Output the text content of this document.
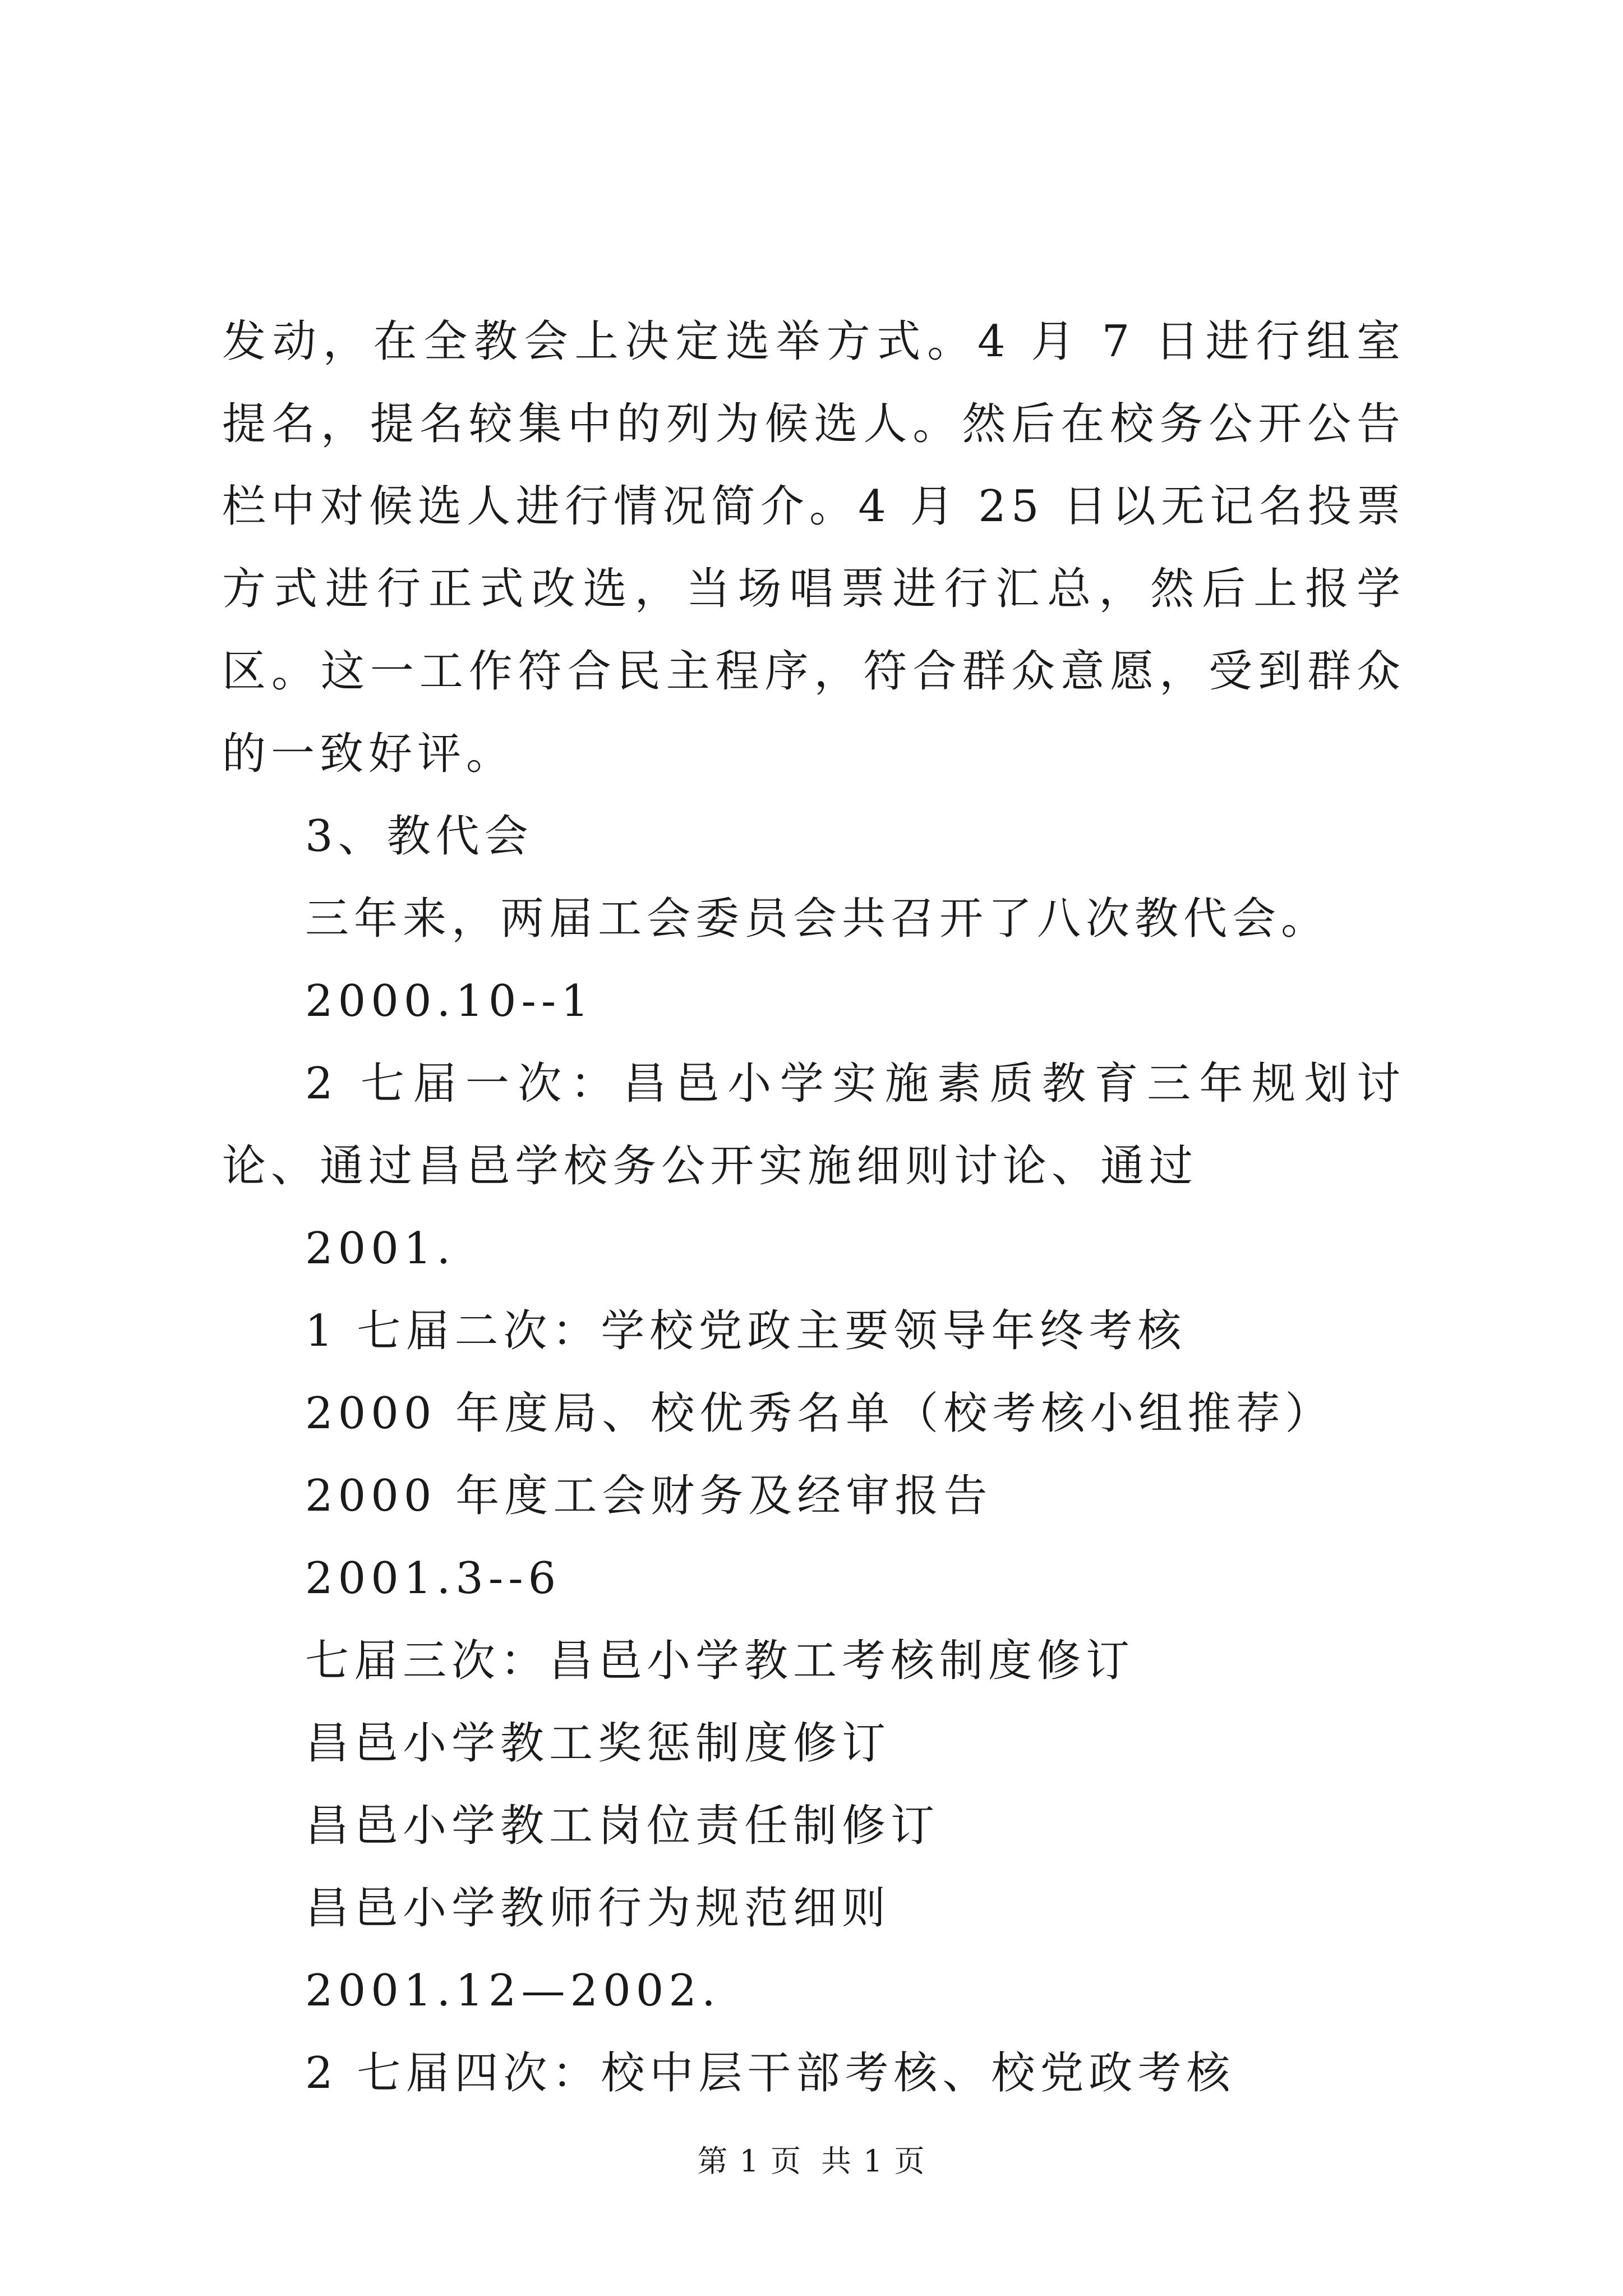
发动，在全教会上决定选举方式。4 月 7 日进行组室提名，提名较集中的列为候选人。然后在校务公开公告栏中对候选人进行情况简介。4 月 25 日以无记名投票方式进行正式改选，当场唱票进行汇总，然后上报学区。这一工作符合民主程序，符合群众意愿，受到群众的一致好评。

3、教代会

三年来，两届工会委员会共召开了八次教代会。

2000.10--1

2 七届一次：昌邑小学实施素质教育三年规划讨论、通过昌邑学校务公开实施细则讨论、通过

2001.

1 七届二次：学校党政主要领导年终考核

2000 年度局、校优秀名单（校考核小组推荐）

2000 年度工会财务及经审报告

2001.3--6

七届三次：昌邑小学教工考核制度修订

昌邑小学教工奖惩制度修订

昌邑小学教工岗位责任制修订

昌邑小学教师行为规范细则

2001.12—2002.

2 七届四次：校中层干部考核、校党政考核

第 1 页 共 1 页
